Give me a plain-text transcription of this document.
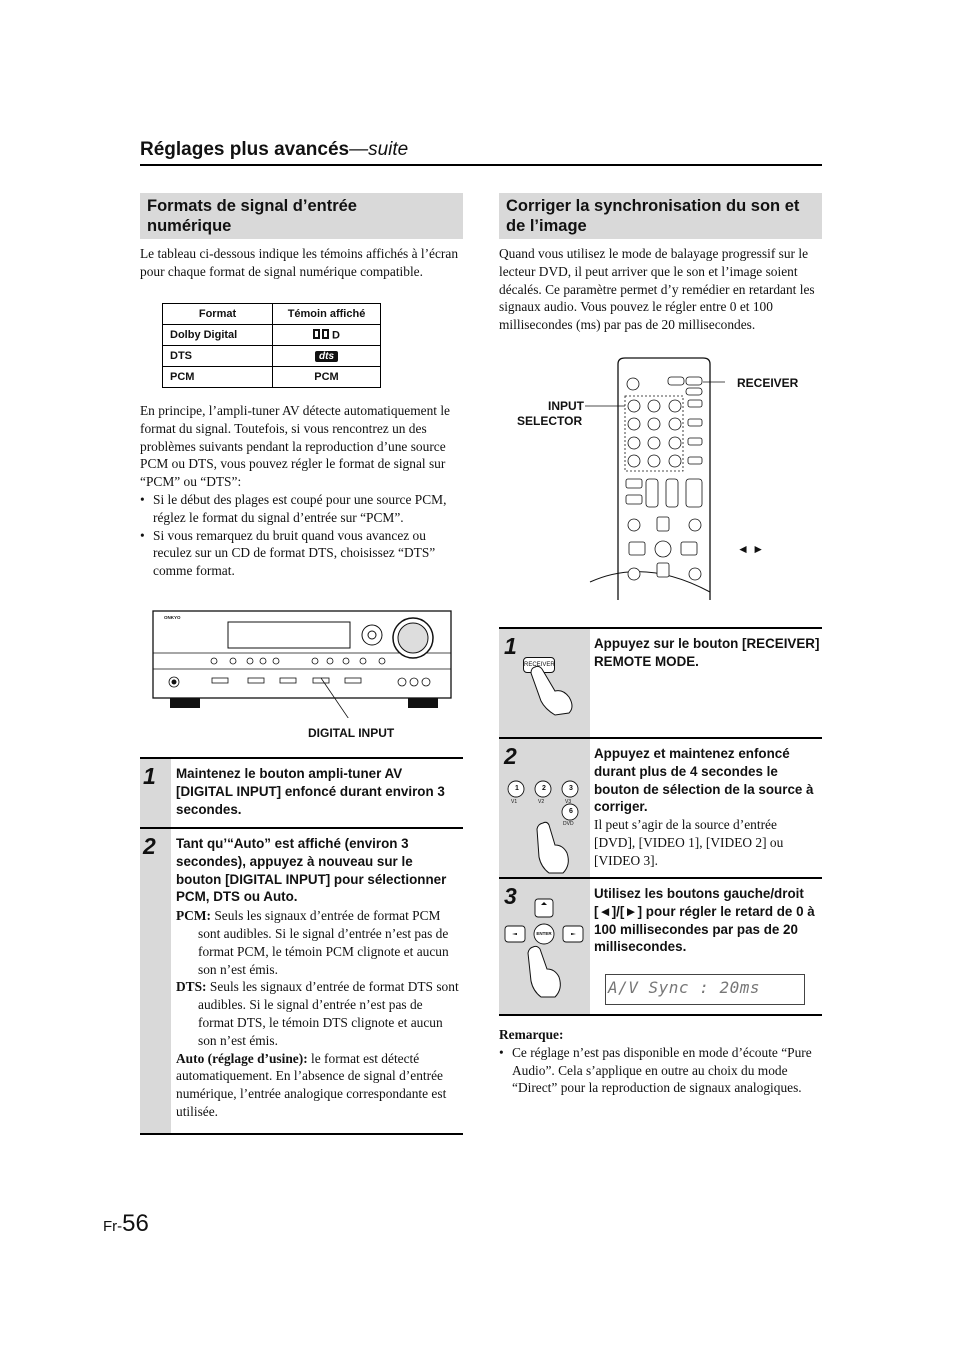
Réglages plus avancés—suite
Formats de signal d’entrée
numérique

Le tableau ci-dessous indique les témoins affichés à l’écran pour chaque format de signal numérique compatible.

Format	Témoin affiché
Dolby Digital	D
DTS	dts
PCM	PCM

En principe, l’ampli-tuner AV détecte automatiquement le format du signal. Toutefois, si vous rencontrez un des problèmes suivants pendant la reproduction d’une source PCM ou DTS, vous pouvez régler le format de signal sur “PCM” ou “DTS”:

• Si le début des plages est coupé pour une source PCM, réglez le format du signal d’entrée sur “PCM”.
• Si vous remarquez du bruit quand vous avancez ou reculez sur un CD de format DTS, choisissez “DTS” comme format.
ONKYO
DIGITAL INPUT
1 Maintenez le bouton ampli-tuner AV [DIGITAL INPUT] enfoncé durant environ 3 secondes.
2 Tant qu’“Auto” est affiché (environ 3 secondes), appuyez à nouveau sur le bouton [DIGITAL INPUT] pour sélectionner PCM, DTS ou Auto.

PCM: Seuls les signaux d’entrée de format PCM sont audibles. Si le signal d’entrée n’est pas de format PCM, le témoin PCM clignote et aucun son n’est émis.

DTS: Seuls les signaux d’entrée de format DTS sont audibles. Si le signal d’entrée n’est pas de format DTS, le témoin DTS clignote et aucun son n’est émis.

Auto (réglage d’usine): le format est détecté automatiquement. En l’absence de signal d’entrée numérique, l’entrée analogique correspondante est utilisée.

Corriger la synchronisation du son et
de l’image

Quand vous utilisez le mode de balayage progressif sur le lecteur DVD, il peut arriver que le son et l’image soient décalés. Ce paramètre permet d’y remédier en retardant les signaux audio. Vous pouvez le régler entre 0 et 100 millisecondes (ms) par pas de 20 millisecondes.

RECEIVER
INPUT
SELECTOR
◄ ►
1
RECEIVER
Appuyez sur le bouton [RECEIVER] REMOTE MODE.
2
1	2	3
6
V1	V2	V3
DVD
Appuyez et maintenez enfoncé durant plus de 4 secondes le bouton de sélection de la source à corriger.
Il peut s’agir de la source d’entrée [DVD], [VIDEO 1], [VIDEO 2] ou [VIDEO 3].
3
ENTER
Utilisez les boutons gauche/droit [◄]/[►] pour régler le retard de 0 à 100 millisecondes par pas de 20 millisecondes.
A/V Sync : 20ms

Remarque:

• Ce réglage n’est pas disponible en mode d’écoute “Pure Audio”. Cela s’applique en outre au choix du mode “Direct” pour la reproduction de signaux analogiques.
Fr-56
